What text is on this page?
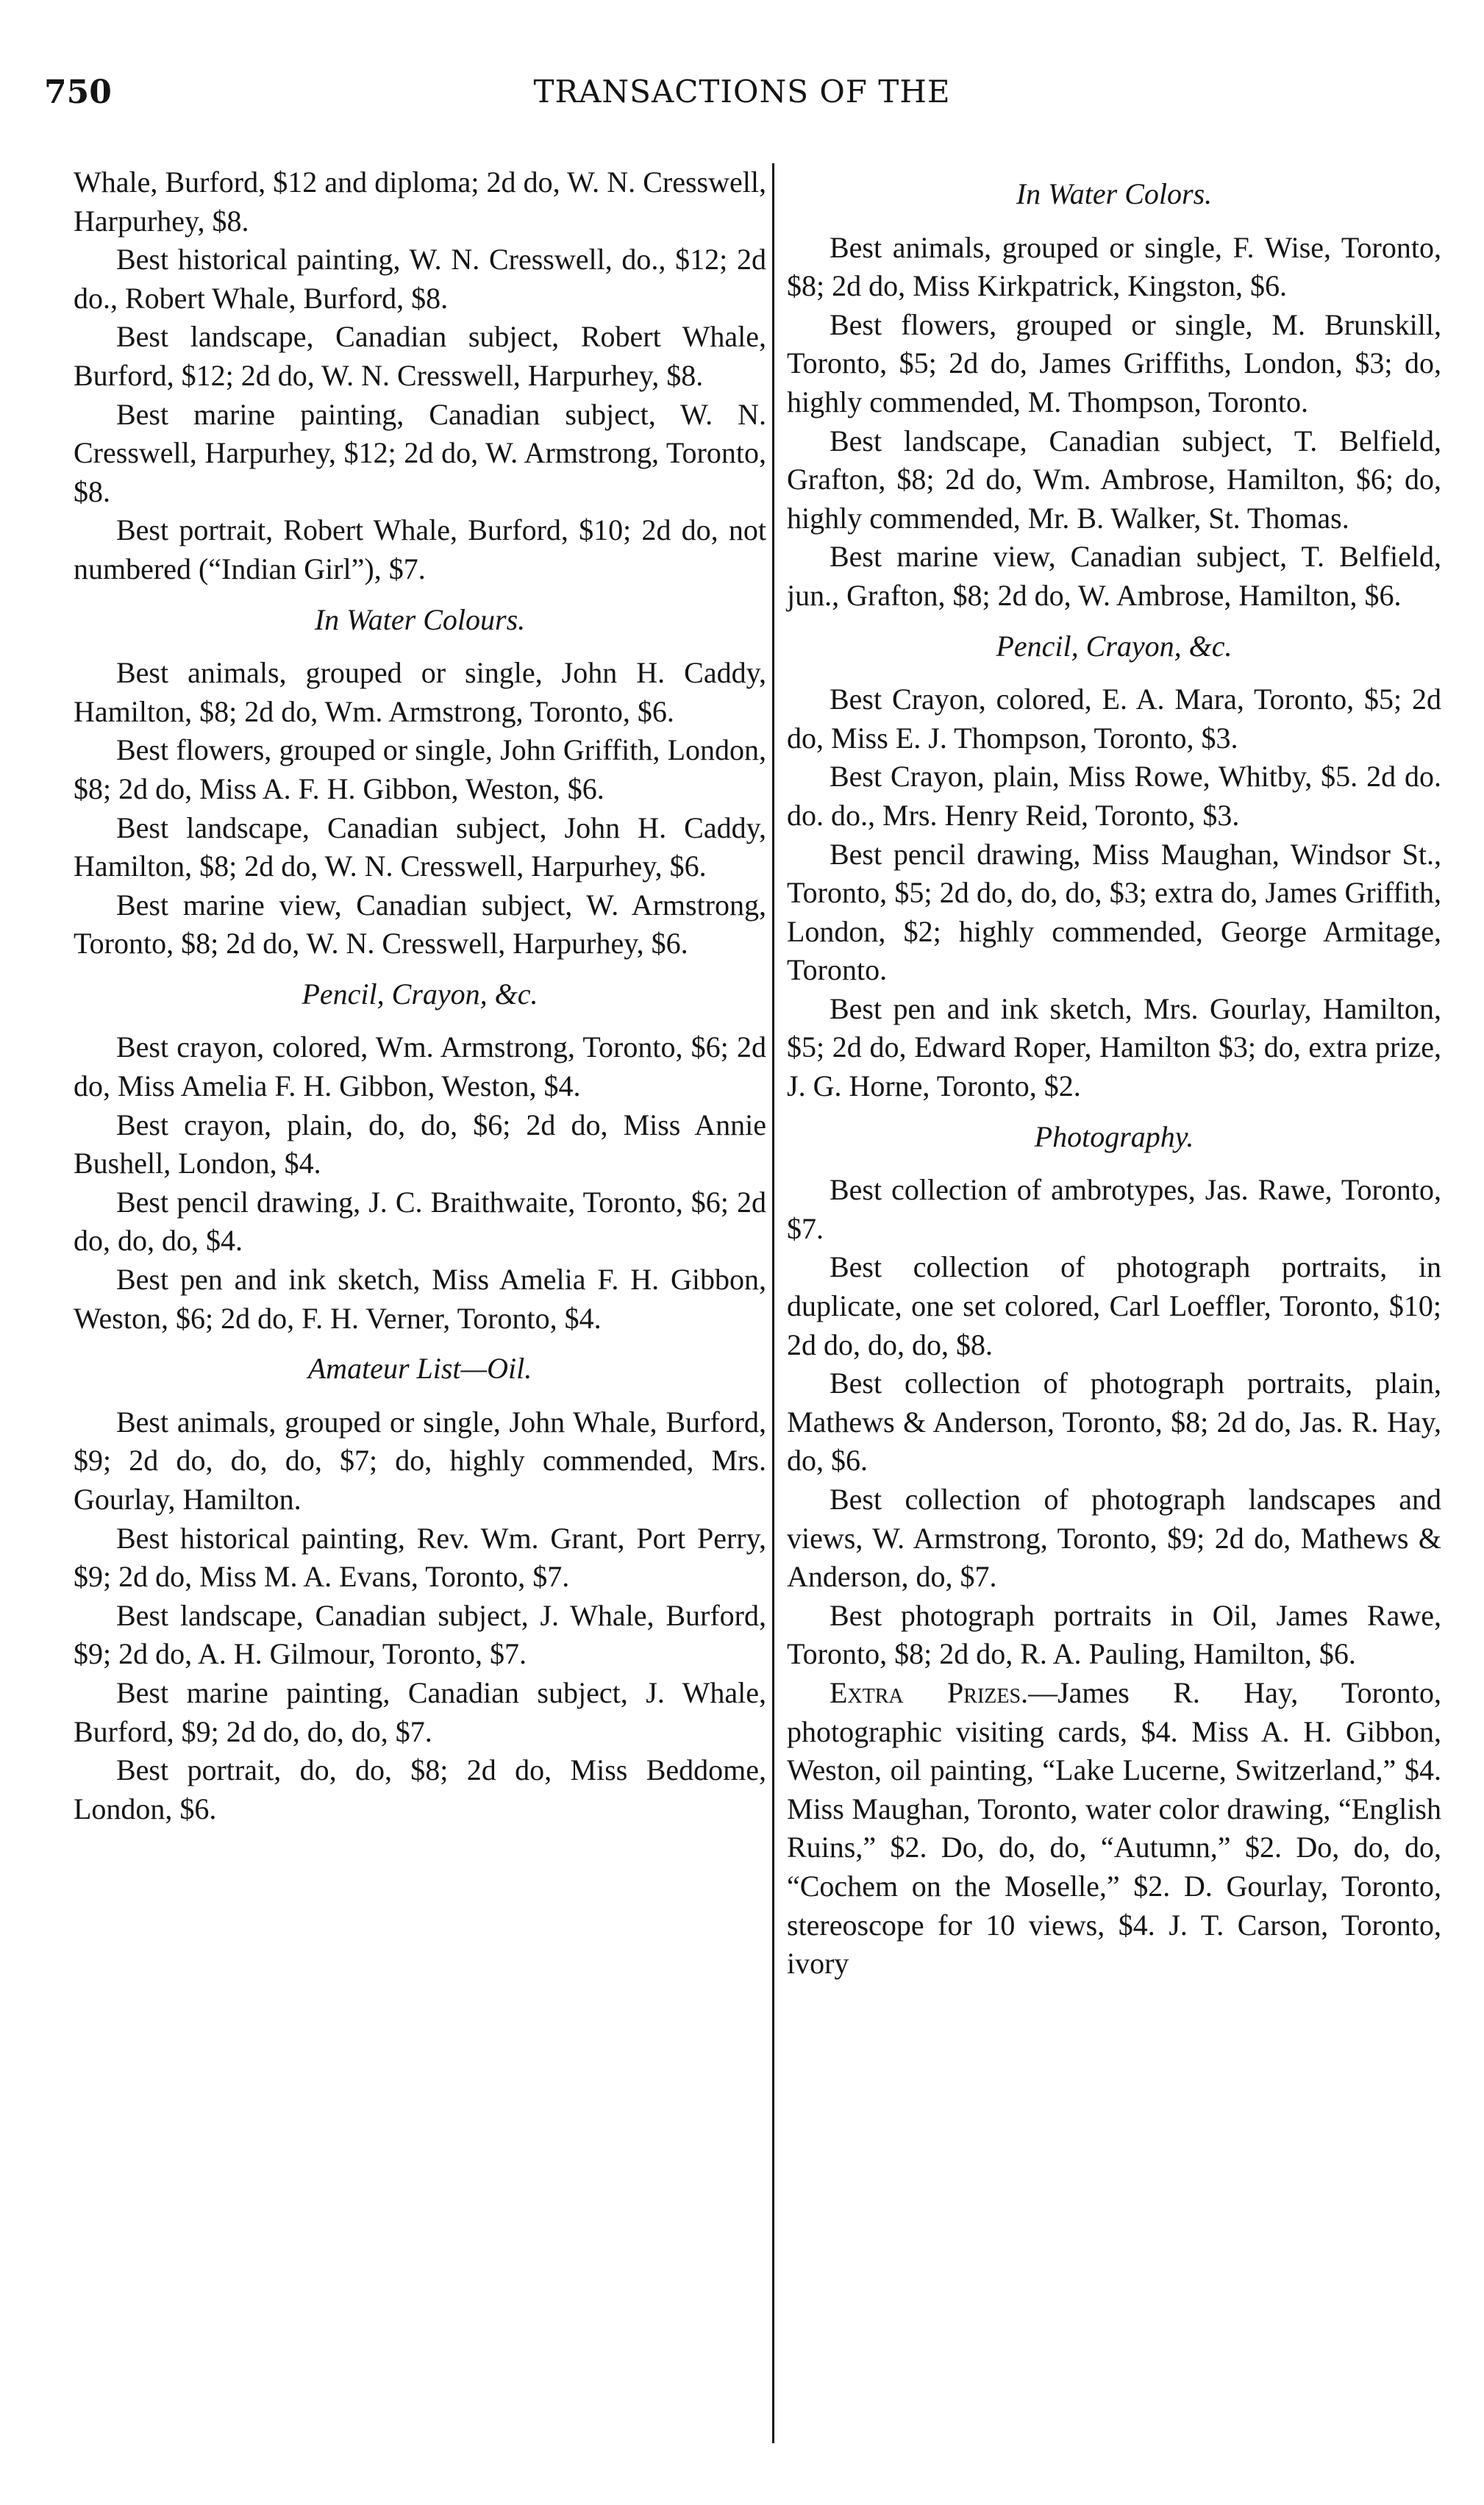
750	TRANSACTIONS OF THE

Whale, Burford, $12 and diploma; 2d do, W. N. Cresswell, Harpurhey, $8.

Best historical painting, W. N. Cresswell, do., $12; 2d do., Robert Whale, Burford, $8.

Best landscape, Canadian subject, Robert Whale, Burford, $12; 2d do, W. N. Cresswell, Harpurhey, $8.

Best marine painting, Canadian subject, W. N. Cresswell, Harpurhey, $12; 2d do, W. Armstrong, Toronto, $8.

Best portrait, Robert Whale, Burford, $10; 2d do, not numbered (“Indian Girl”), $7.

In Water Colours.

Best animals, grouped or single, John H. Caddy, Hamilton, $8; 2d do, Wm. Armstrong, Toronto, $6.

Best flowers, grouped or single, John Griffith, London, $8; 2d do, Miss A. F. H. Gibbon, Weston, $6.

Best landscape, Canadian subject, John H. Caddy, Hamilton, $8; 2d do, W. N. Cresswell, Harpurhey, $6.

Best marine view, Canadian subject, W. Armstrong, Toronto, $8; 2d do, W. N. Cresswell, Harpurhey, $6.

Pencil, Crayon, &c.

Best crayon, colored, Wm. Armstrong, Toronto, $6; 2d do, Miss Amelia F. H. Gibbon, Weston, $4.

Best crayon, plain, do, do, $6; 2d do, Miss Annie Bushell, London, $4.

Best pencil drawing, J. C. Braithwaite, Toronto, $6; 2d do, do, do, $4.

Best pen and ink sketch, Miss Amelia F. H. Gibbon, Weston, $6; 2d do, F. H. Verner, Toronto, $4.

Amateur List—Oil.

Best animals, grouped or single, John Whale, Burford, $9; 2d do, do, do, $7; do, highly commended, Mrs. Gourlay, Hamilton.

Best historical painting, Rev. Wm. Grant, Port Perry, $9; 2d do, Miss M. A. Evans, Toronto, $7.

Best landscape, Canadian subject, J. Whale, Burford, $9; 2d do, A. H. Gilmour, Toronto, $7.

Best marine painting, Canadian subject, J. Whale, Burford, $9; 2d do, do, do, $7.

Best portrait, do, do, $8; 2d do, Miss Beddome, London, $6.

In Water Colors.

Best animals, grouped or single, F. Wise, Toronto, $8; 2d do, Miss Kirkpatrick, Kingston, $6.

Best flowers, grouped or single, M. Brunskill, Toronto, $5; 2d do, James Griffiths, London, $3; do, highly commended, M. Thompson, Toronto.

Best landscape, Canadian subject, T. Belfield, Grafton, $8; 2d do, Wm. Ambrose, Hamilton, $6; do, highly commended, Mr. B. Walker, St. Thomas.

Best marine view, Canadian subject, T. Belfield, jun., Grafton, $8; 2d do, W. Ambrose, Hamilton, $6.

Pencil, Crayon, &c.

Best Crayon, colored, E. A. Mara, Toronto, $5; 2d do, Miss E. J. Thompson, Toronto, $3.

Best Crayon, plain, Miss Rowe, Whitby, $5. 2d do. do. do., Mrs. Henry Reid, Toronto, $3.

Best pencil drawing, Miss Maughan, Windsor St., Toronto, $5; 2d do, do, do, $3; extra do, James Griffith, London, $2; highly commended, George Armitage, Toronto.

Best pen and ink sketch, Mrs. Gourlay, Hamilton, $5; 2d do, Edward Roper, Hamilton $3; do, extra prize, J. G. Horne, Toronto, $2.

Photography.

Best collection of ambrotypes, Jas. Rawe, Toronto, $7.

Best collection of photograph portraits, in duplicate, one set colored, Carl Loeffler, Toronto, $10; 2d do, do, do, $8.

Best collection of photograph portraits, plain, Mathews & Anderson, Toronto, $8; 2d do, Jas. R. Hay, do, $6.

Best collection of photograph landscapes and views, W. Armstrong, Toronto, $9; 2d do, Mathews & Anderson, do, $7.

Best photograph portraits in Oil, James Rawe, Toronto, $8; 2d do, R. A. Pauling, Hamilton, $6.

Extra Prizes.—James R. Hay, Toronto, photographic visiting cards, $4. Miss A. H. Gibbon, Weston, oil painting, “Lake Lucerne, Switzerland,” $4. Miss Maughan, Toronto, water color drawing, “English Ruins,” $2. Do, do, do, “Autumn,” $2. Do, do, do, “Cochem on the Moselle,” $2. D. Gourlay, Toronto, stereoscope for 10 views, $4. J. T. Carson, Toronto, ivory
